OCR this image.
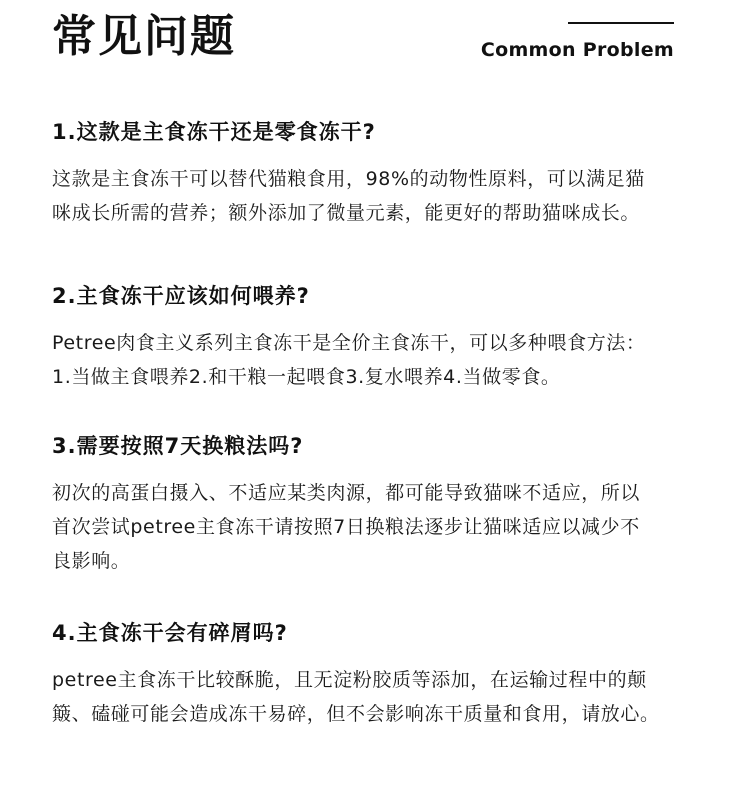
常见问题	Common Problem
1.这款是主食冻干还是零食冻干?

这款是主食冻干可以替代猫粮食用，98%的动物性原料，可以满足猫
咪成长所需的营养；额外添加了微量元素，能更好的帮助猫咪成长。

2.主食冻干应该如何喂养?

Petree肉食主义系列主食冻干是全价主食冻干，可以多种喂食方法：
1.当做主食喂养2.和干粮一起喂食3.复水喂养4.当做零食。

3.需要按照7天换粮法吗?

初次的高蛋白摄入、不适应某类肉源，都可能导致猫咪不适应，所以
首次尝试petree主食冻干请按照7日换粮法逐步让猫咪适应以减少不
良影响。

4.主食冻干会有碎屑吗?

petree主食冻干比较酥脆，且无淀粉胶质等添加，在运输过程中的颠
簸、磕碰可能会造成冻干易碎，但不会影响冻干质量和食用，请放心。
